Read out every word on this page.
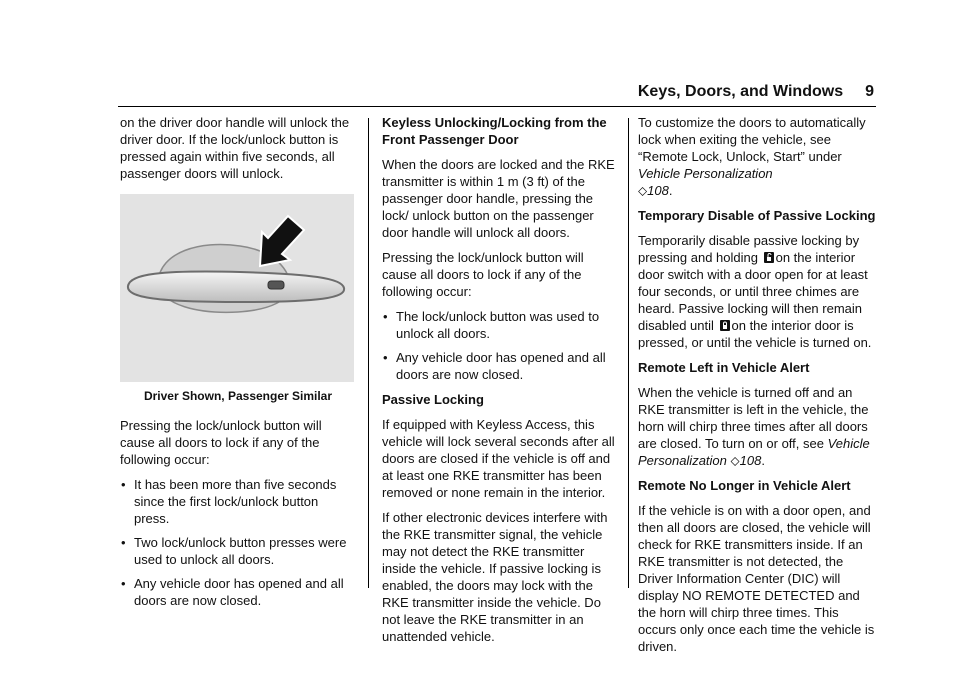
Keys, Doors, and Windows 9

on the driver door handle will unlock the driver door. If the lock/unlock button is pressed again within five seconds, all passenger doors will unlock.

Driver Shown, Passenger Similar

Pressing the lock/unlock button will cause all doors to lock if any of the following occur:

• It has been more than five seconds since the first lock/unlock button press.
• Two lock/unlock button presses were used to unlock all doors.
• Any vehicle door has opened and all doors are now closed.

Keyless Unlocking/Locking from the Front Passenger Door

When the doors are locked and the RKE transmitter is within 1 m (3 ft) of the passenger door handle, pressing the lock/ unlock button on the passenger door handle will unlock all doors.

Pressing the lock/unlock button will cause all doors to lock if any of the following occur:

• The lock/unlock button was used to unlock all doors.
• Any vehicle door has opened and all doors are now closed.

Passive Locking

If equipped with Keyless Access, this vehicle will lock several seconds after all doors are closed if the vehicle is off and at least one RKE transmitter has been removed or none remain in the interior.

If other electronic devices interfere with the RKE transmitter signal, the vehicle may not detect the RKE transmitter inside the vehicle. If passive locking is enabled, the doors may lock with the RKE transmitter inside the vehicle. Do not leave the RKE transmitter in an unattended vehicle.

To customize the doors to automatically lock when exiting the vehicle, see “Remote Lock, Unlock, Start” under Vehicle Personalization
⬦108.

Temporary Disable of Passive Locking

Temporarily disable passive locking by pressing and holding on the interior door switch with a door open for at least four seconds, or until three chimes are heard. Passive locking will then remain disabled until on the interior door is pressed, or until the vehicle is turned on.

Remote Left in Vehicle Alert

When the vehicle is turned off and an RKE transmitter is left in the vehicle, the horn will chirp three times after all doors are closed. To turn on or off, see Vehicle Personalization ⬦108.

Remote No Longer in Vehicle Alert

If the vehicle is on with a door open, and then all doors are closed, the vehicle will check for RKE transmitters inside. If an RKE transmitter is not detected, the Driver Information Center (DIC) will display NO REMOTE DETECTED and the horn will chirp three times. This occurs only once each time the vehicle is driven.
